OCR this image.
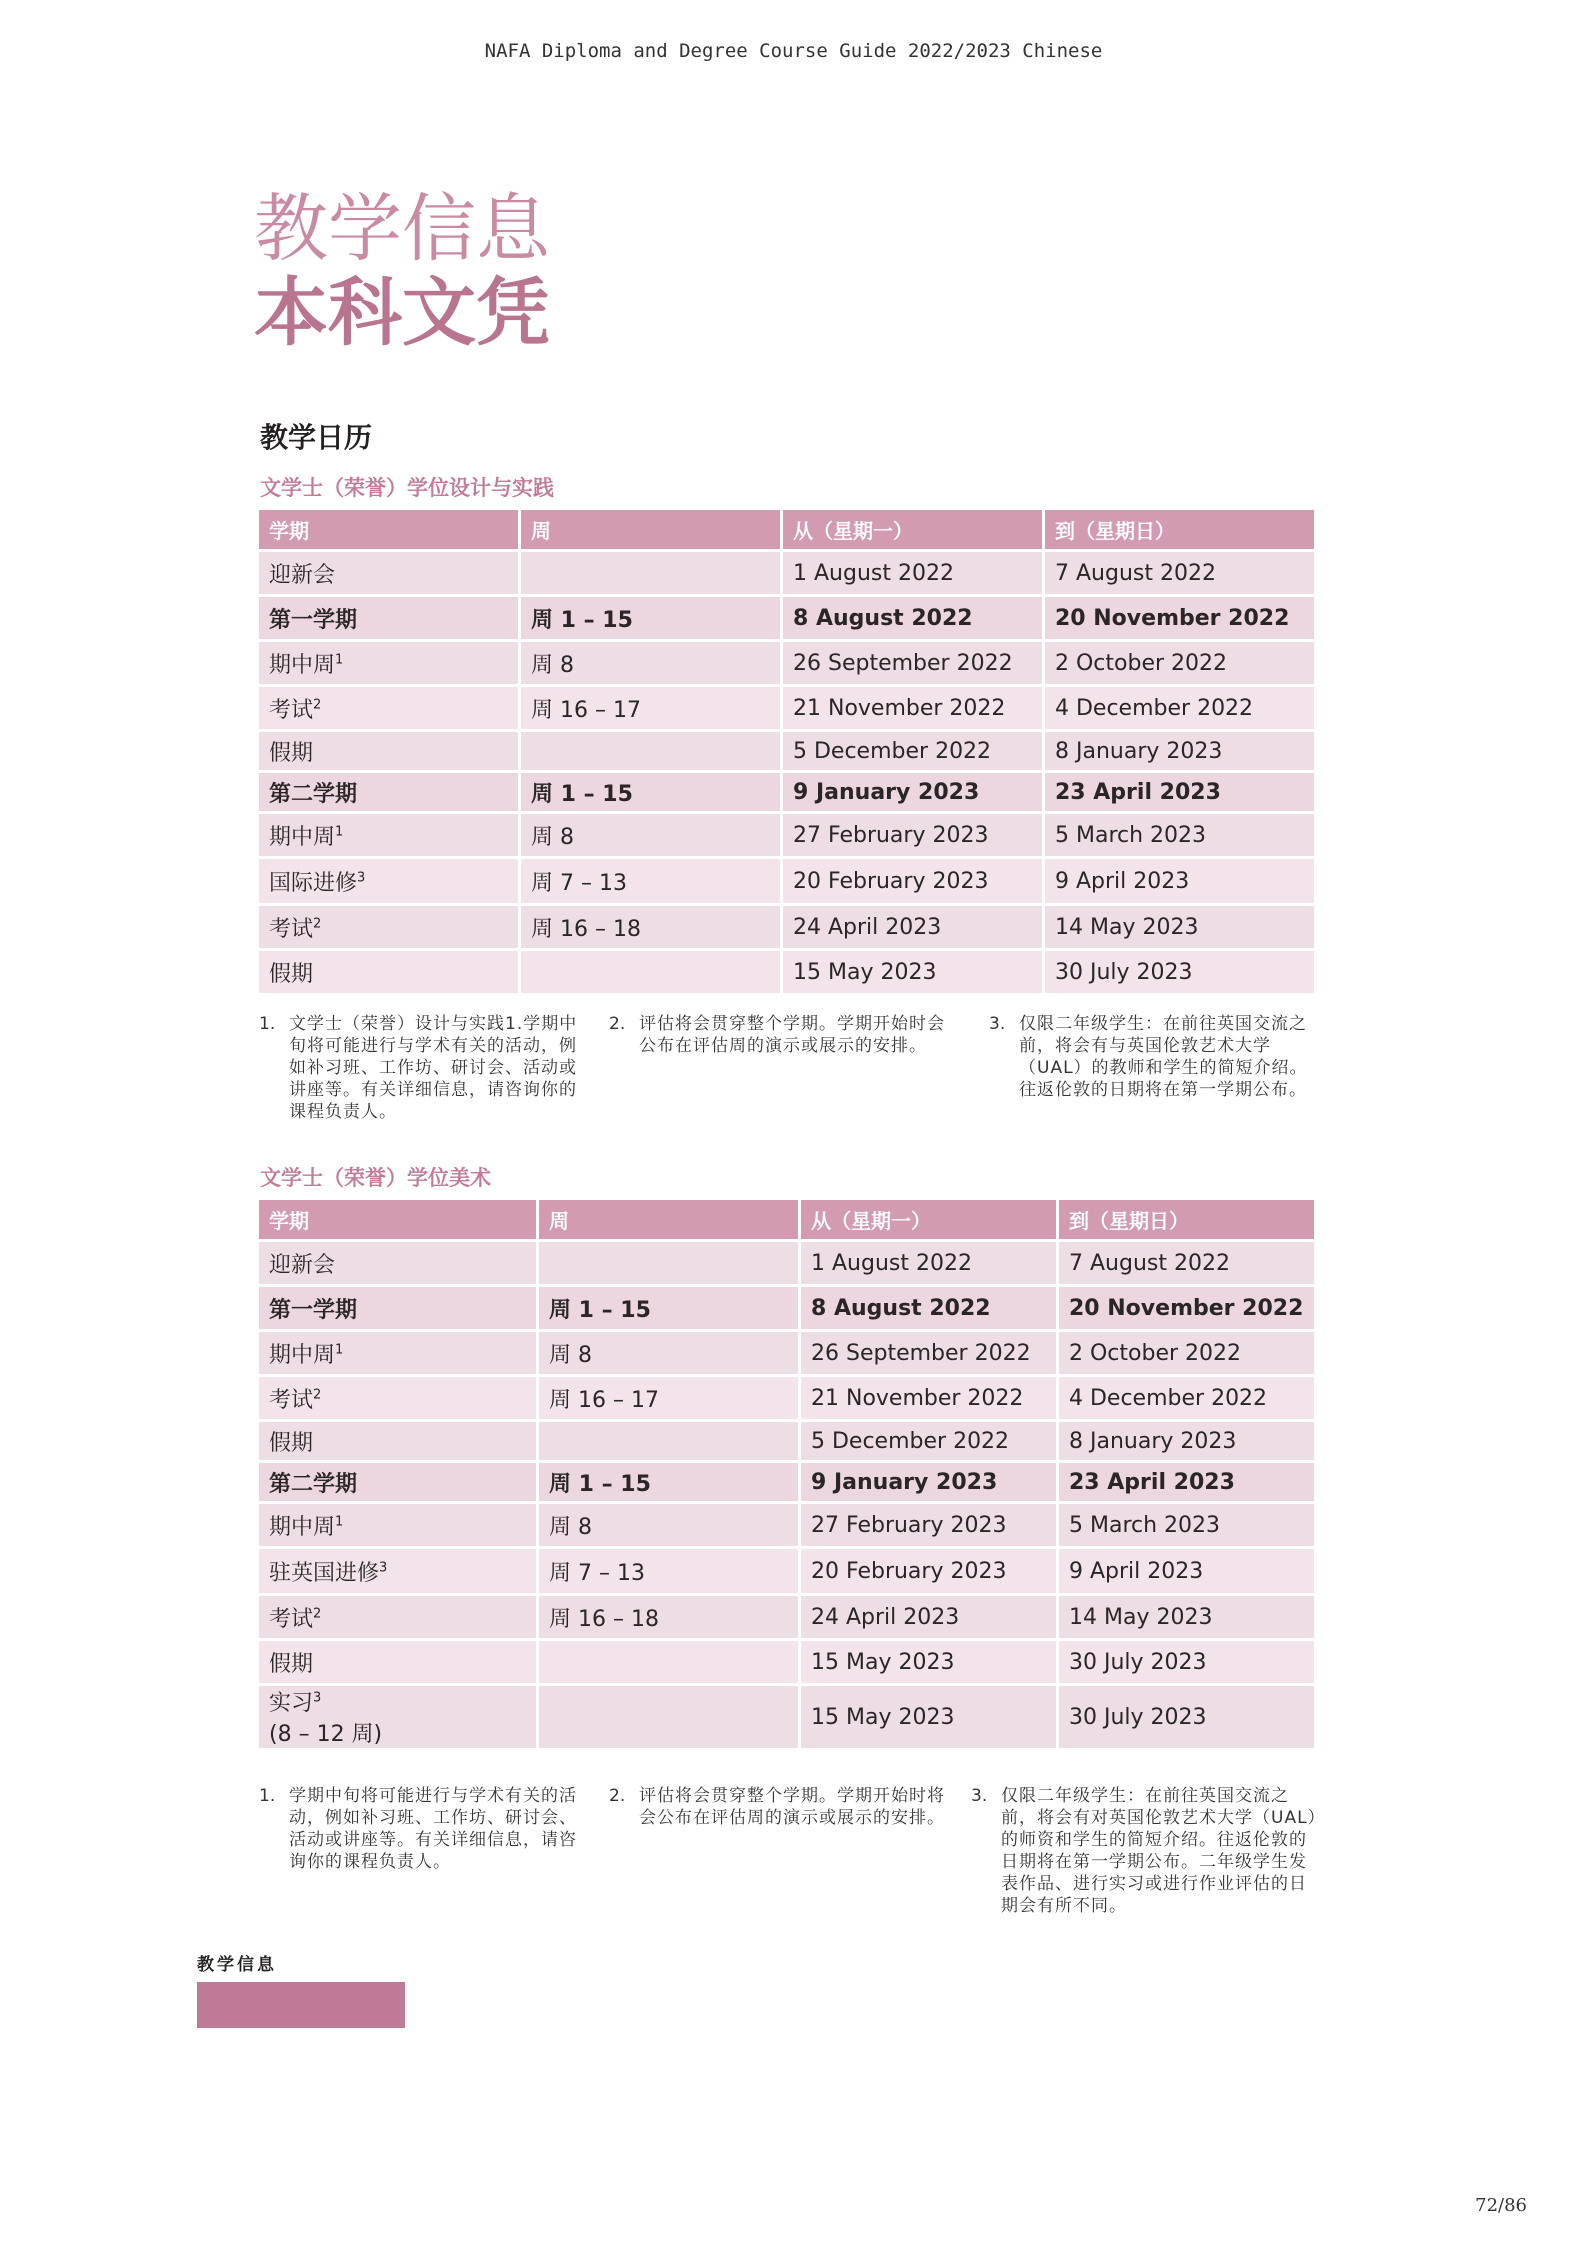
NAFA Diploma and Degree Course Guide 2022/2023 Chinese
教学信息
本科文凭
教学日历
文学士（荣誉）学位设计与实践
学期	周	从（星期一）	到（星期日）
迎新会		1 August 2022	7 August 2022
第一学期	周 1 – 15	8 August 2022	20 November 2022
期中周$^1$	周 8	26 September 2022	2 October 2022
考试$^2$	周 16 – 17	21 November 2022	4 December 2022
假期		5 December 2022	8 January 2023
第二学期	周 1 – 15	9 January 2023	23 April 2023
期中周$^1$	周 8	27 February 2023	5 March 2023
国际进修$^3$	周 7 – 13	20 February 2023	9 April 2023
考试$^2$	周 16 – 18	24 April 2023	14 May 2023
假期		15 May 2023	30 July 2023
1. 文学士（荣誉）设计与实践1.学期中旬将可能进行与学术有关的活动，例如补习班、工作坊、研讨会、活动或讲座等。有关详细信息，请咨询你的课程负责人。
2. 评估将会贯穿整个学期。学期开始时会公布在评估周的演示或展示的安排。
3. 仅限二年级学生：在前往英国交流之前，将会有与英国伦敦艺术大学（UAL）的教师和学生的简短介绍。往返伦敦的日期将在第一学期公布。
文学士（荣誉）学位美术
学期	周	从（星期一）	到（星期日）
迎新会		1 August 2022	7 August 2022
第一学期	周 1 – 15	8 August 2022	20 November 2022
期中周$^1$	周 8	26 September 2022	2 October 2022
考试$^2$	周 16 – 17	21 November 2022	4 December 2022
假期		5 December 2022	8 January 2023
第二学期	周 1 – 15	9 January 2023	23 April 2023
期中周$^1$	周 8	27 February 2023	5 March 2023
驻英国进修$^3$	周 7 – 13	20 February 2023	9 April 2023
考试$^2$	周 16 – 18	24 April 2023	14 May 2023
假期		15 May 2023	30 July 2023
实习$^3$
(8 – 12 周)		15 May 2023	30 July 2023
1. 学期中旬将可能进行与学术有关的活动，例如补习班、工作坊、研讨会、活动或讲座等。有关详细信息，请咨询你的课程负责人。
2. 评估将会贯穿整个学期。学期开始时将会公布在评估周的演示或展示的安排。
3. 仅限二年级学生：在前往英国交流之前，将会有对英国伦敦艺术大学（UAL）的师资和学生的简短介绍。往返伦敦的日期将在第一学期公布。二年级学生发表作品、进行实习或进行作业评估的日期会有所不同。
教学信息
72/86
